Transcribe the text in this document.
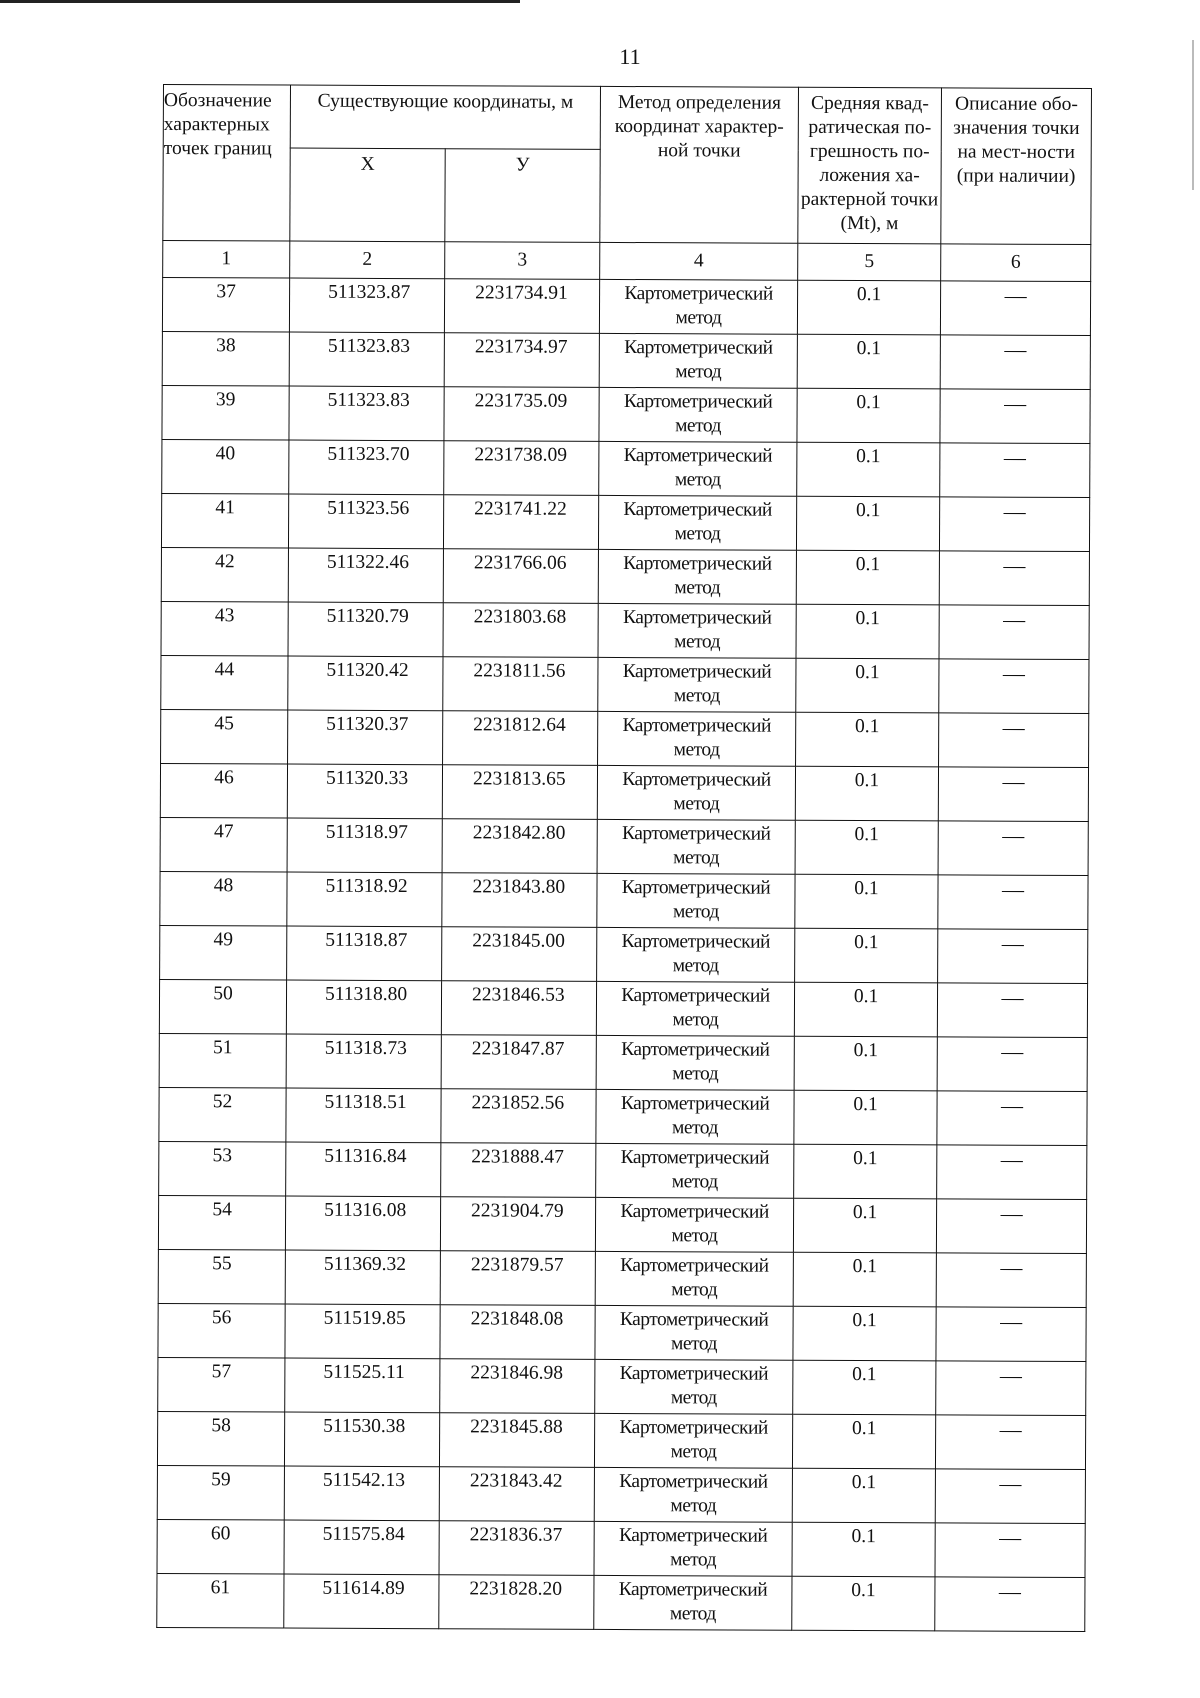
11
Обозначение характерных точек границ	Существующие координаты, м		Метод определения координат характер-ной точки	Средняя квад-ратическая по-грешность по-ложения ха-рактерной точки (Mt), м	Описание обо-значения точки на мест-ности (при наличии)
	X	У			
1	2	3	4	5	6
37	511323.87	2231734.91	Картометрический метод	0.1	—
38	511323.83	2231734.97	Картометрический метод	0.1	—
39	511323.83	2231735.09	Картометрический метод	0.1	—
40	511323.70	2231738.09	Картометрический метод	0.1	—
41	511323.56	2231741.22	Картометрический метод	0.1	—
42	511322.46	2231766.06	Картометрический метод	0.1	—
43	511320.79	2231803.68	Картометрический метод	0.1	—
44	511320.42	2231811.56	Картометрический метод	0.1	—
45	511320.37	2231812.64	Картометрический метод	0.1	—
46	511320.33	2231813.65	Картометрический метод	0.1	—
47	511318.97	2231842.80	Картометрический метод	0.1	—
48	511318.92	2231843.80	Картометрический метод	0.1	—
49	511318.87	2231845.00	Картометрический метод	0.1	—
50	511318.80	2231846.53	Картометрический метод	0.1	—
51	511318.73	2231847.87	Картометрический метод	0.1	—
52	511318.51	2231852.56	Картометрический метод	0.1	—
53	511316.84	2231888.47	Картометрический метод	0.1	—
54	511316.08	2231904.79	Картометрический метод	0.1	—
55	511369.32	2231879.57	Картометрический метод	0.1	—
56	511519.85	2231848.08	Картометрический метод	0.1	—
57	511525.11	2231846.98	Картометрический метод	0.1	—
58	511530.38	2231845.88	Картометрический метод	0.1	—
59	511542.13	2231843.42	Картометрический метод	0.1	—
60	511575.84	2231836.37	Картометрический метод	0.1	—
61	511614.89	2231828.20	Картометрический метод	0.1	—
